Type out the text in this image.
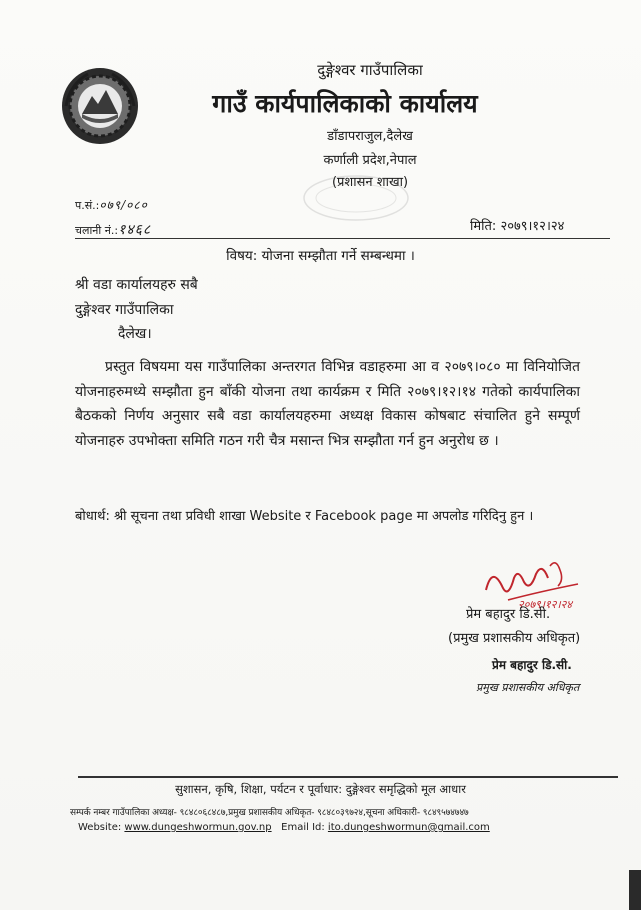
दुङ्गेश्वर गाउँपालिका
गाउँ कार्यपालिकाको कार्यालय
डाँडापराजुल,दैलेख
कर्णाली प्रदेश,नेपाल
(प्रशासन शाखा)
प.सं.:०७९/०८०
चलानी नं.:१४६८	मिति: २०७९।१२।२४
विषय: योजना सम्झौता गर्ने सम्बन्धमा ।
श्री वडा कार्यालयहरु सबै
दुङ्गेश्वर गाउँपालिका
दैलेख।
प्रस्तुत विषयमा यस गाउँपालिका अन्तरगत विभिन्न वडाहरुमा आ व २०७९।०८० मा विनियोजित योजनाहरुमध्ये सम्झौता हुन बाँकी योजना तथा कार्यक्रम र मिति २०७९।१२।१४ गतेको कार्यपालिका बैठकको निर्णय अनुसार सबै वडा कार्यालयहरुमा अध्यक्ष विकास कोषबाट संचालित हुने सम्पूर्ण योजनाहरु उपभोक्ता समिति गठन गरी चैत्र मसान्त भित्र सम्झौता गर्न हुन अनुरोध छ ।
बोधार्थ: श्री सूचना तथा प्रविधी शाखा Website र Facebook page मा अपलोड गरिदिनु हुन ।
२०७९।१२।२४
प्रेम बहादुर डि.सी.
(प्रमुख प्रशासकीय अधिकृत)
प्रेम बहादुर डि.सी.
प्रमुख प्रशासकीय अधिकृत
सुशासन, कृषि, शिक्षा, पर्यटन र पूर्वाधार: दुङ्गेश्वर समृद्धिको मूल आधार
सम्पर्क नम्बर गाउँपालिका अध्यक्ष- ९८४८०६८४८७,प्रमुख प्रशासकीय अधिकृत- ९८४८०३९७२४,सूचना अधिकारी- ९८४९५७४७४७
Website: www.dungeshwormun.gov.np Email Id: ito.dungeshwormun@gmail.com
